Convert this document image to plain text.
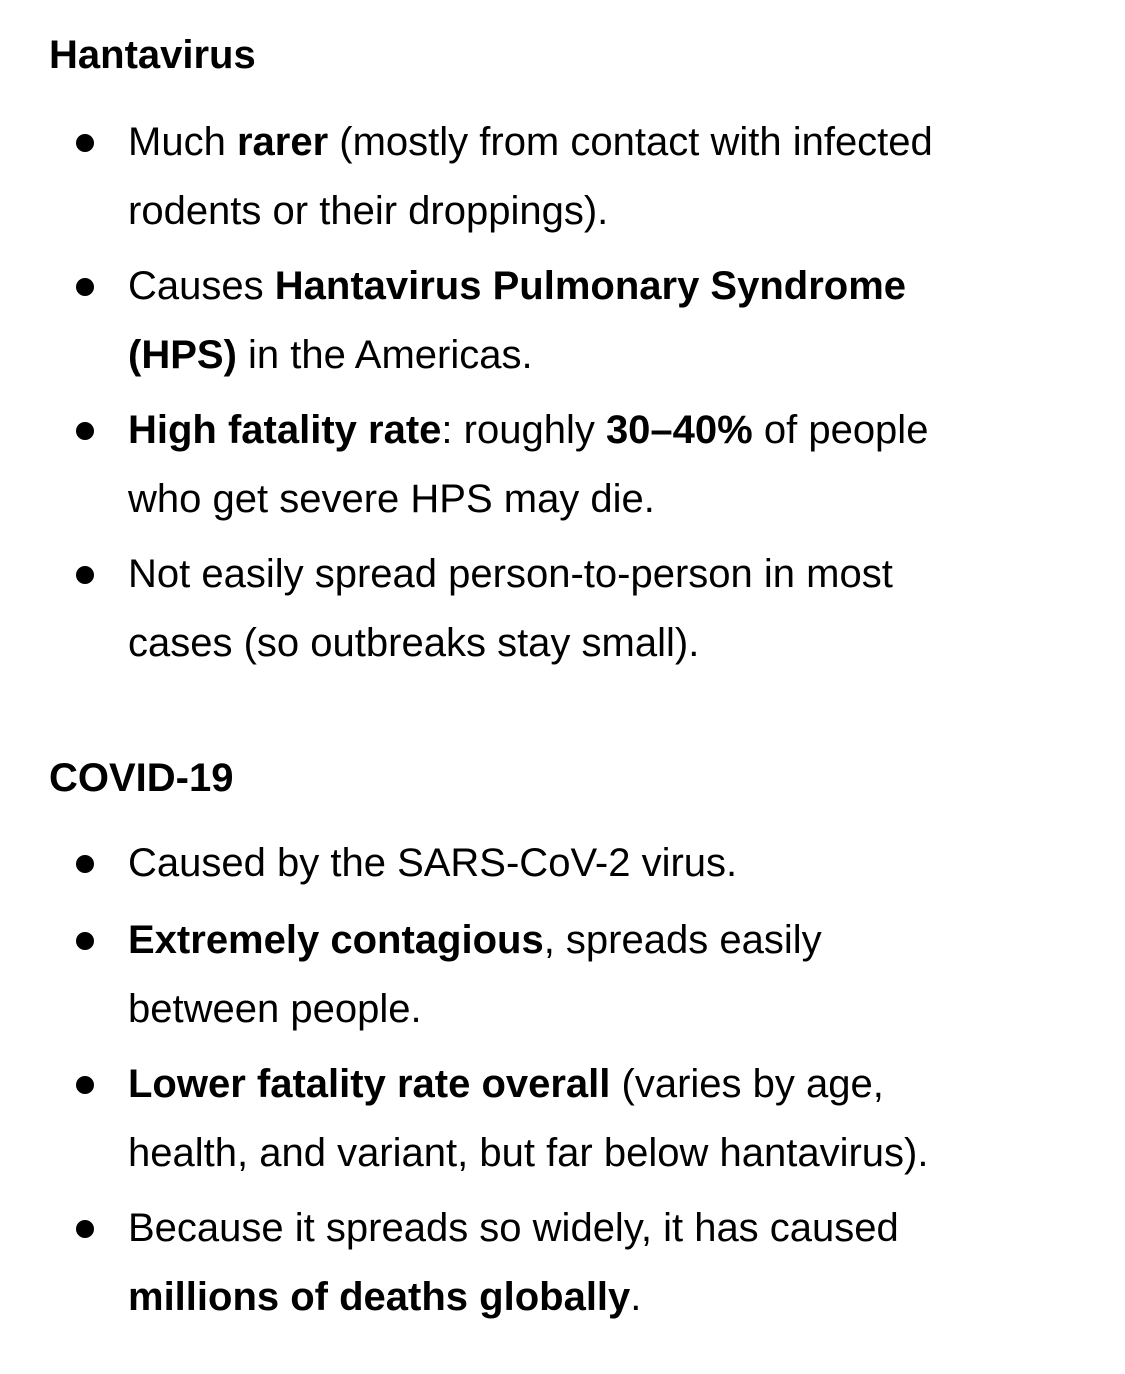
Hantavirus
Much rarer (mostly from contact with infected
rodents or their droppings).
Causes Hantavirus Pulmonary Syndrome
(HPS) in the Americas.
High fatality rate: roughly 30–40% of people
who get severe HPS may die.
Not easily spread person-to-person in most
cases (so outbreaks stay small).
COVID-19
Caused by the SARS-CoV-2 virus.
Extremely contagious, spreads easily
between people.
Lower fatality rate overall (varies by age,
health, and variant, but far below hantavirus).
Because it spreads so widely, it has caused
millions of deaths globally.
